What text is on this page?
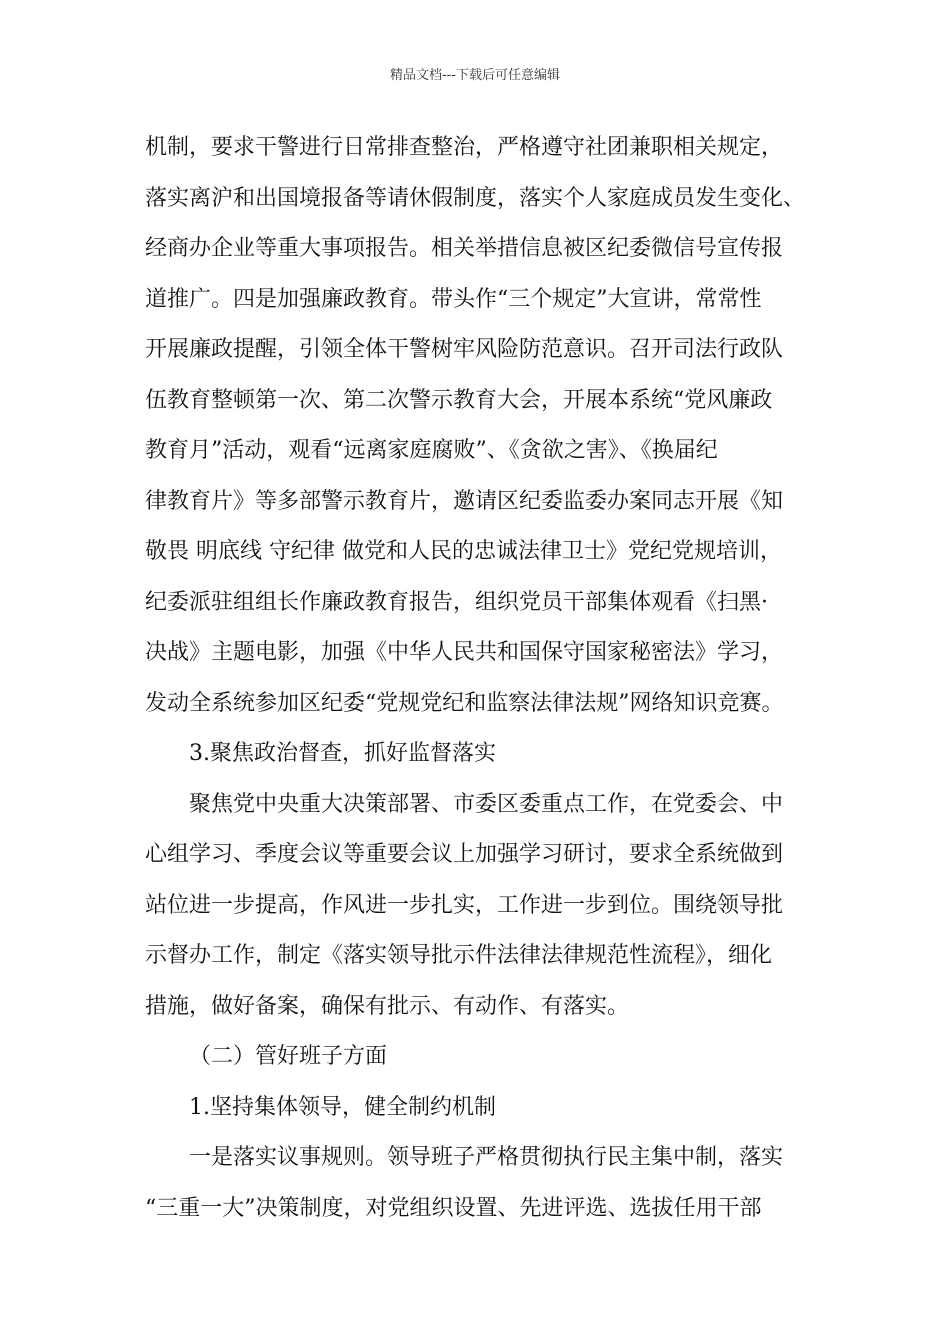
精品文档---下载后可任意编辑
机制，要求干警进行日常排查整治，严格遵守社团兼职相关规定，
落实离沪和出国境报备等请休假制度，落实个人家庭成员发生变化、
经商办企业等重大事项报告。相关举措信息被区纪委微信号宣传报
道推广。四是加强廉政教育。带头作“三个规定”大宣讲，常常性
开展廉政提醒，引领全体干警树牢风险防范意识。召开司法行政队
伍教育整顿第一次、第二次警示教育大会，开展本系统“党风廉政
教育月”活动，观看“远离家庭腐败”、《贪欲之害》、《换届纪
律教育片》等多部警示教育片，邀请区纪委监委办案同志开展《知
敬畏 明底线 守纪律 做党和人民的忠诚法律卫士》党纪党规培训，
纪委派驻组组长作廉政教育报告，组织党员干部集体观看《扫黑·
决战》主题电影，加强《中华人民共和国保守国家秘密法》学习，
发动全系统参加区纪委“党规党纪和监察法律法规”网络知识竞赛。
3.聚焦政治督查，抓好监督落实
聚焦党中央重大决策部署、市委区委重点工作，在党委会、中
心组学习、季度会议等重要会议上加强学习研讨，要求全系统做到
站位进一步提高，作风进一步扎实，工作进一步到位。围绕领导批
示督办工作，制定《落实领导批示件法律法律规范性流程》，细化
措施，做好备案，确保有批示、有动作、有落实。
（二）管好班子方面
1.坚持集体领导，健全制约机制
一是落实议事规则。领导班子严格贯彻执行民主集中制，落实
“三重一大”决策制度，对党组织设置、先进评选、选拔任用干部
